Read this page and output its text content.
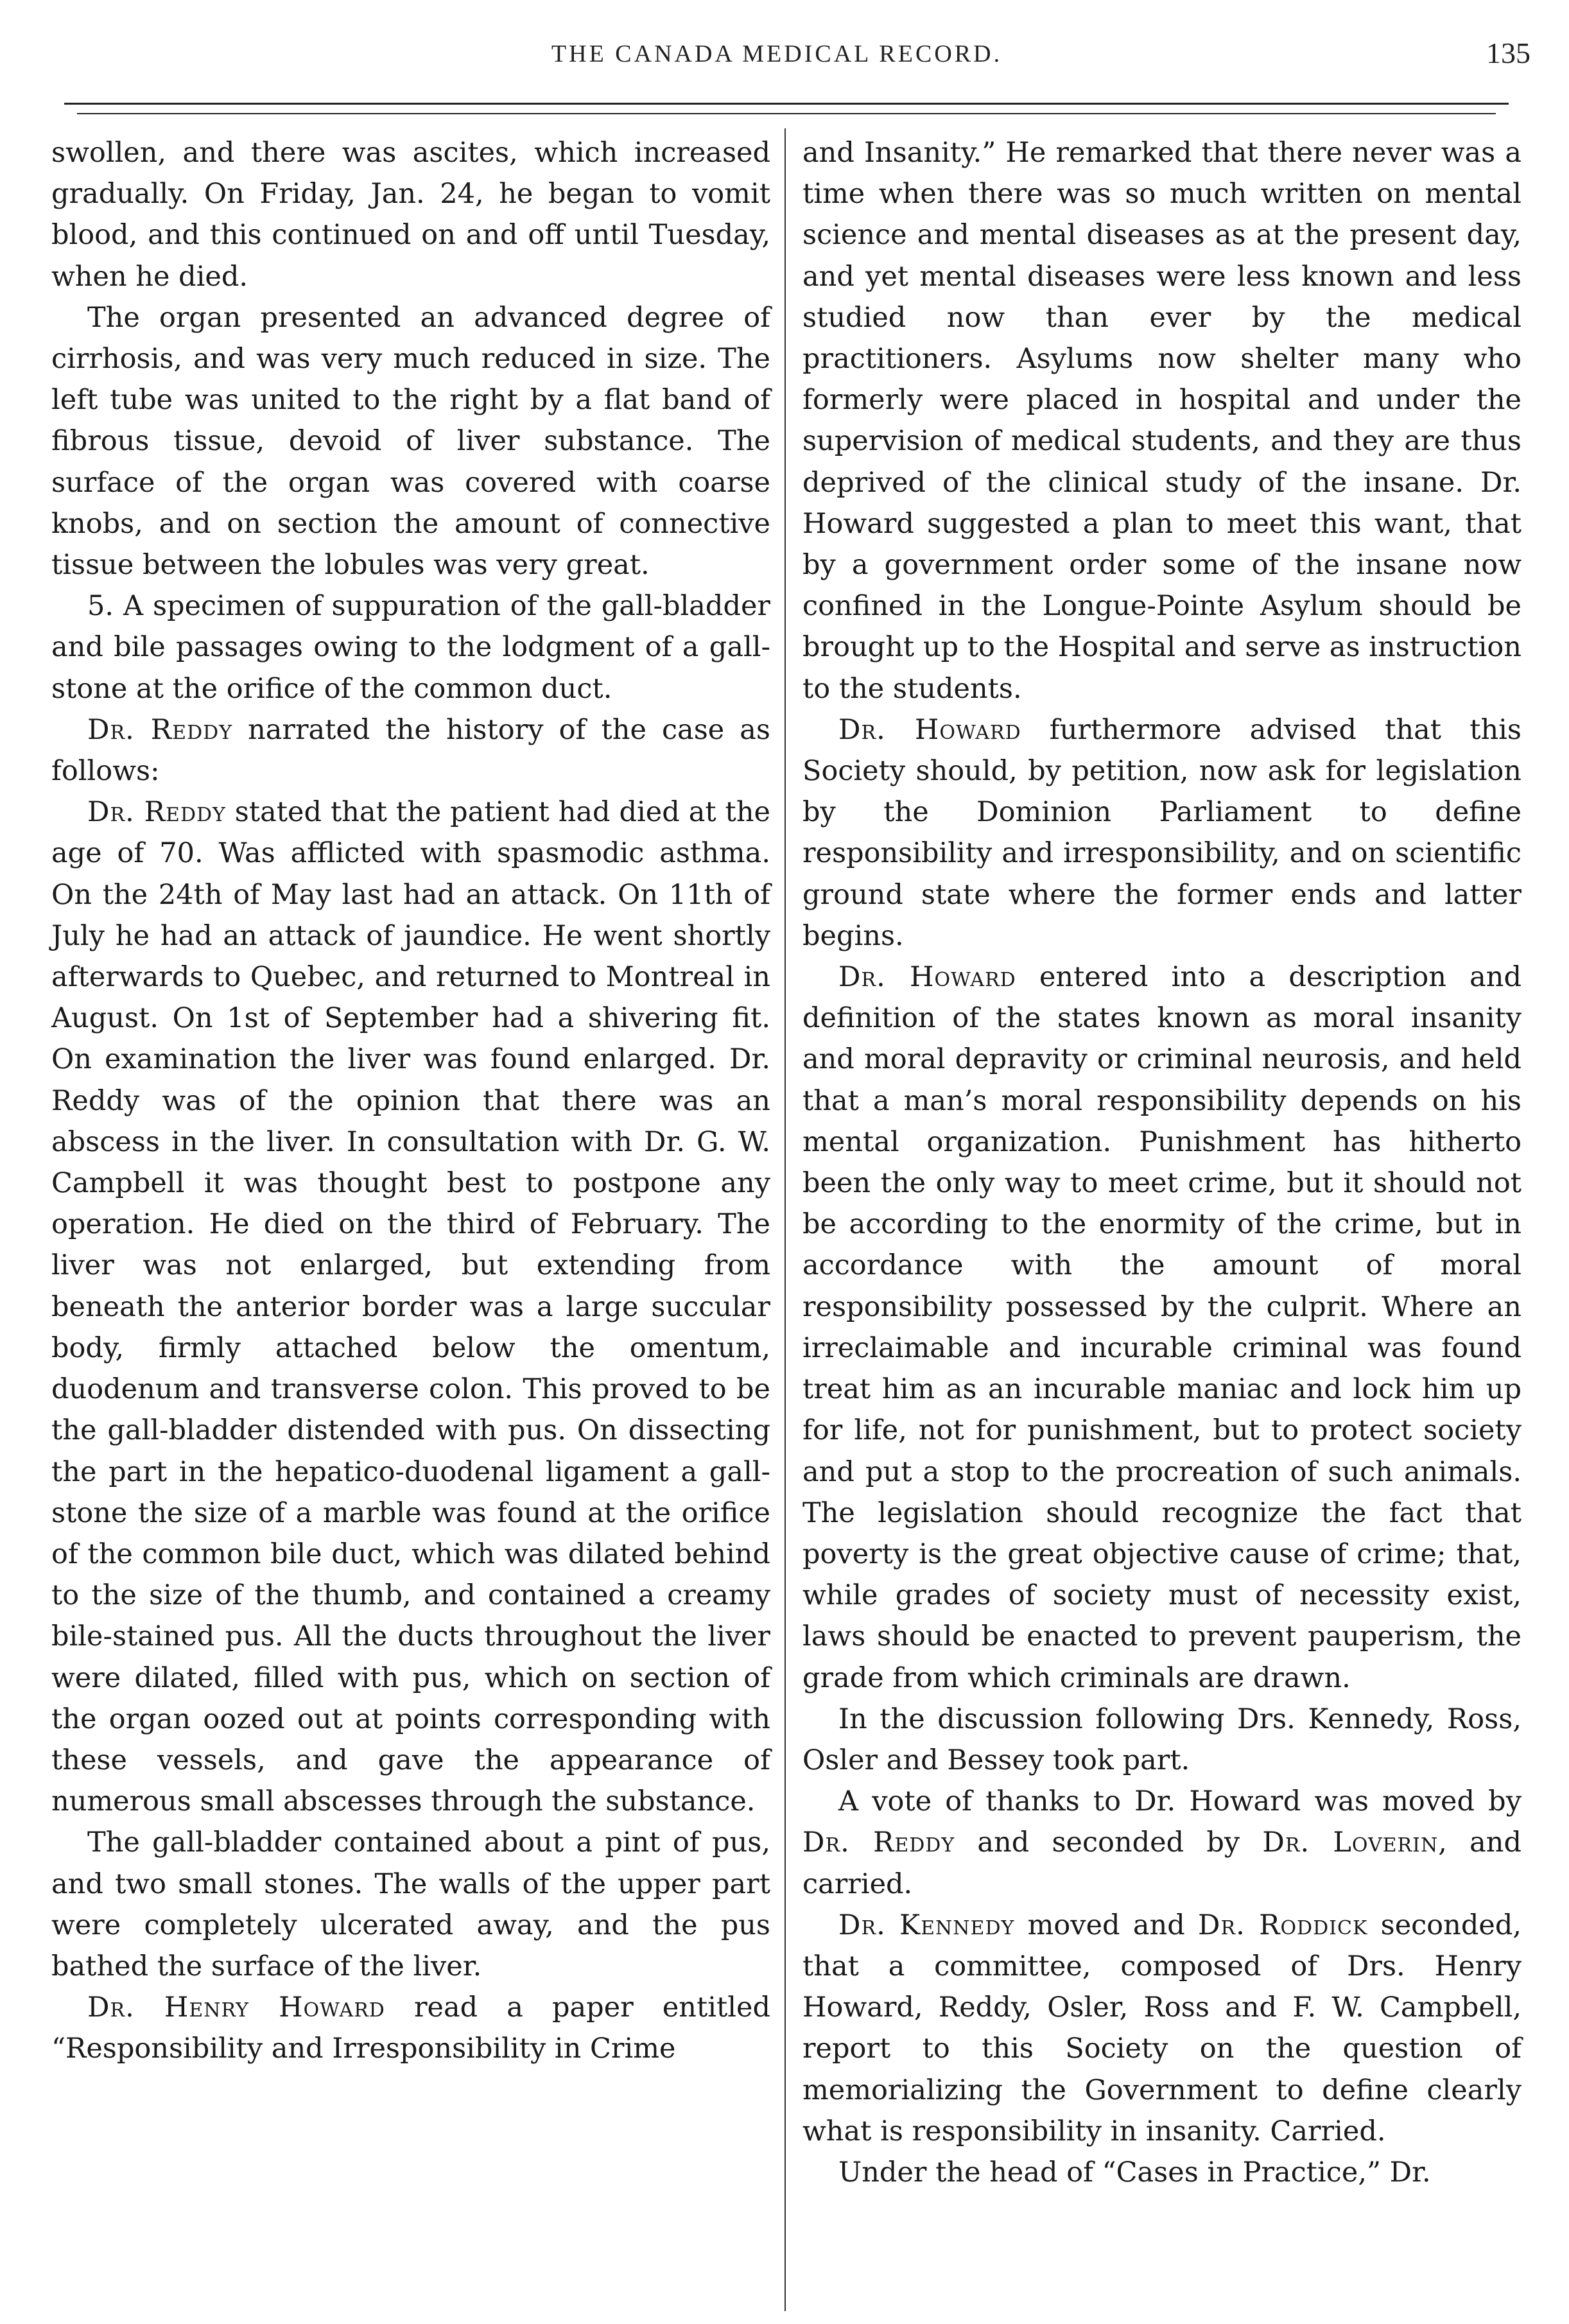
THE CANADA MEDICAL RECORD.	135

swollen, and there was ascites, which increased gradually. On Friday, Jan. 24, he began to vomit blood, and this continued on and off until Tuesday, when he died.

The organ presented an advanced degree of cirrhosis, and was very much reduced in size. The left tube was united to the right by a flat band of fibrous tissue, devoid of liver substance. The surface of the organ was covered with coarse knobs, and on section the amount of connective tissue between the lobules was very great.

5. A specimen of suppuration of the gall-bladder and bile passages owing to the lodgment of a gall-stone at the orifice of the common duct.

Dr. Reddy narrated the history of the case as follows:

Dr. Reddy stated that the patient had died at the age of 70. Was afflicted with spasmodic asthma. On the 24th of May last had an attack. On 11th of July he had an attack of jaundice. He went shortly afterwards to Quebec, and returned to Montreal in August. On 1st of September had a shivering fit. On examination the liver was found enlarged. Dr. Reddy was of the opinion that there was an abscess in the liver. In consultation with Dr. G. W. Campbell it was thought best to postpone any operation. He died on the third of February. The liver was not enlarged, but extending from beneath the anterior border was a large succular body, firmly attached below the omentum, duodenum and transverse colon. This proved to be the gall-bladder distended with pus. On dissecting the part in the hepatico-duodenal ligament a gall-stone the size of a marble was found at the orifice of the common bile duct, which was dilated behind to the size of the thumb, and contained a creamy bile-stained pus. All the ducts throughout the liver were dilated, filled with pus, which on section of the organ oozed out at points corresponding with these vessels, and gave the appearance of numerous small abscesses through the substance.

The gall-bladder contained about a pint of pus, and two small stones. The walls of the upper part were completely ulcerated away, and the pus bathed the surface of the liver.

Dr. Henry Howard read a paper entitled “Responsibility and Irresponsibility in Crime

and Insanity.” He remarked that there never was a time when there was so much written on mental science and mental diseases as at the present day, and yet mental diseases were less known and less studied now than ever by the medical practitioners. Asylums now shelter many who formerly were placed in hospital and under the supervision of medical students, and they are thus deprived of the clinical study of the insane. Dr. Howard suggested a plan to meet this want, that by a government order some of the insane now confined in the Longue-Pointe Asylum should be brought up to the Hospital and serve as instruction to the students.

Dr. Howard furthermore advised that this Society should, by petition, now ask for legislation by the Dominion Parliament to define responsibility and irresponsibility, and on scientific ground state where the former ends and latter begins.

Dr. Howard entered into a description and definition of the states known as moral insanity and moral depravity or criminal neurosis, and held that a man’s moral responsibility depends on his mental organization. Punishment has hitherto been the only way to meet crime, but it should not be according to the enormity of the crime, but in accordance with the amount of moral responsibility possessed by the culprit. Where an irreclaimable and incurable criminal was found treat him as an incurable maniac and lock him up for life, not for punishment, but to protect society and put a stop to the procreation of such animals. The legislation should recognize the fact that poverty is the great objective cause of crime; that, while grades of society must of necessity exist, laws should be enacted to prevent pauperism, the grade from which criminals are drawn.

In the discussion following Drs. Kennedy, Ross, Osler and Bessey took part.

A vote of thanks to Dr. Howard was moved by Dr. Reddy and seconded by Dr. Loverin, and carried.

Dr. Kennedy moved and Dr. Roddick seconded, that a committee, composed of Drs. Henry Howard, Reddy, Osler, Ross and F. W. Campbell, report to this Society on the question of memorializing the Government to define clearly what is responsibility in insanity. Carried.

Under the head of “Cases in Practice,” Dr.
